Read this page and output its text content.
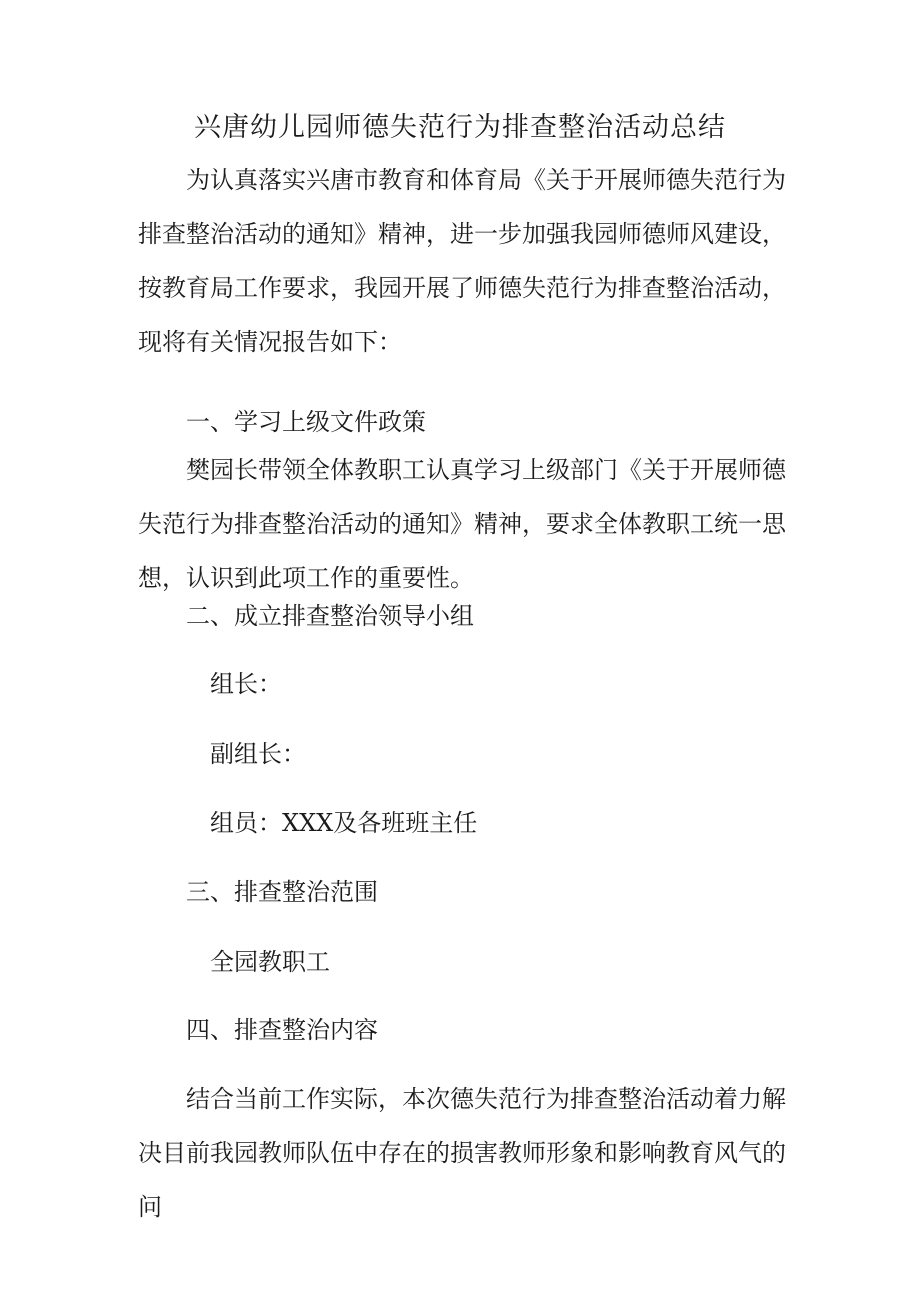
兴唐幼儿园师德失范行为排查整治活动总结
为认真落实兴唐市教育和体育局《关于开展师德失范行为排查整治活动的通知》精神，进一步加强我园师德师风建设，按教育局工作要求，我园开展了师德失范行为排查整治活动，现将有关情况报告如下：
一、学习上级文件政策
樊园长带领全体教职工认真学习上级部门《关于开展师德失范行为排查整治活动的通知》精神，要求全体教职工统一思想，认识到此项工作的重要性。
二、成立排查整治领导小组
组长：
副组长：
组员：XXX及各班班主任
三、排查整治范围
全园教职工
四、排查整治内容
结合当前工作实际，本次德失范行为排查整治活动着力解决目前我园教师队伍中存在的损害教师形象和影响教育风气的问
